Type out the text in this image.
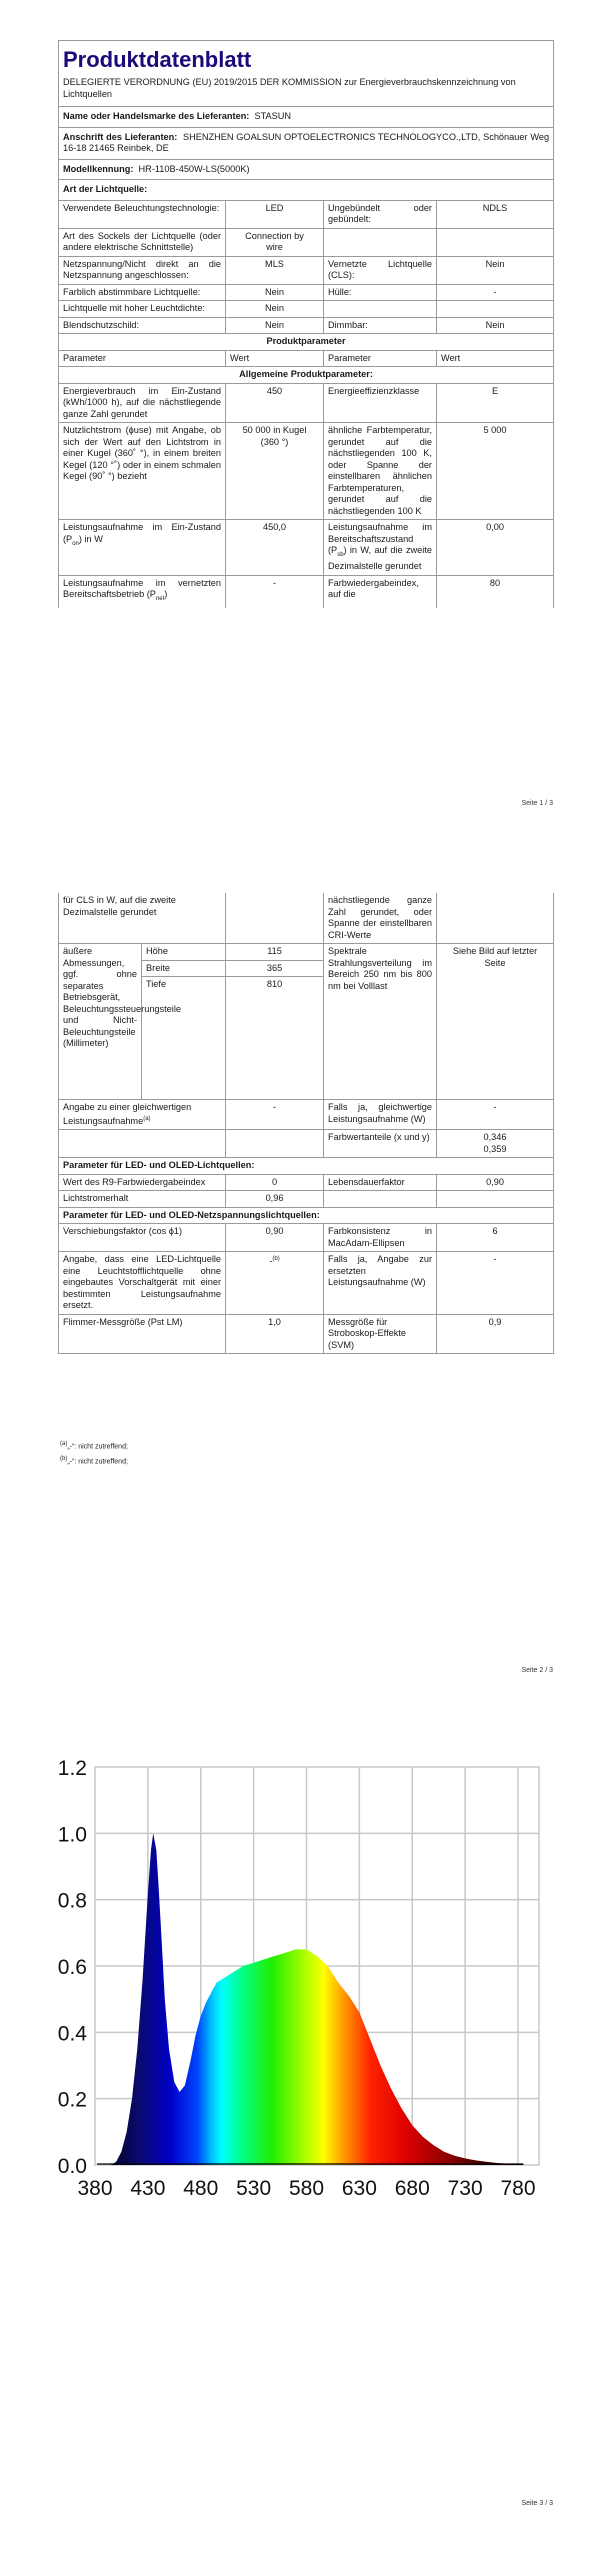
Produktdatenblatt			

DELEGIERTE VERORDNUNG (EU) 2019/2015 DER KOMMISSION zur Energieverbrauchskennzeichnung von Lichtquellen			
Name oder Handelsmarke des Lieferanten: STASUN			
Anschrift des Lieferanten: SHENZHEN GOALSUN OPTOELECTRONICS TECHNOLOGYCO.,LTD, Schönauer Weg 16-18 21465 Reinbek, DE			
Modellkennung: HR-110B-450W-LS(5000K)			
Art der Lichtquelle:			
Verwendete Beleuchtungstechnologie:	LED	Ungebündelt oder gebündelt:	NDLS
Art des Sockels der Lichtquelle (oder andere elektrische Schnittstelle)	Connection by wire		
Netzspannung/Nicht direkt an die Netzspannung angeschlossen:	MLS	Vernetzte Lichtquelle (CLS):	Nein
Farblich abstimmbare Lichtquelle:	Nein	Hülle:	-
Lichtquelle mit hoher Leuchtdichte:	Nein		
Blendschutzschild:	Nein	Dimmbar:	Nein
Produktparameter			
Parameter	Wert	Parameter	Wert
Allgemeine Produktparameter:			
Energieverbrauch im Ein-Zustand (kWh/1000 h), auf die nächstliegende ganze Zahl gerundet	450	Energieeffizienzklasse	E
Nutzlichtstrom (ϕuse) mit Angabe, ob sich der Wert auf den Lichtstrom in einer Kugel (360˚ °), in einem breiten Kegel (120 °˚) oder in einem schmalen Kegel (90˚ °) bezieht	50 000 in Kugel (360 °)	ähnliche Farbtemperatur, gerundet auf die nächstliegenden 100 K, oder Spanne der einstellbaren ähnlichen Farbtemperaturen, gerundet auf die nächstliegenden 100 K	5 000
Leistungsaufnahme im Ein-Zustand $(P_{on})$ in W	450,0	Leistungsaufnahme im Bereitschaftszustand $(P_{sb})$ in W, auf die zweite Dezimalstelle gerundet	0,00
Leistungsaufnahme im vernetzten Bereitschaftsbetrieb $(P_{net})$	-	Farbwiedergabeindex, auf die	80
Seite 1 / 3
für CLS in W, auf die zweite Dezimalstelle gerundet			nächstliegende ganze Zahl gerundet, oder Spanne der einstellbaren CRI-Werte	
äußere Abmessungen, ggf. ohne separates Betriebsgerät, Beleuchtungssteuerungsteile und Nicht-Beleuchtungsteile (Millimeter)	Höhe	115	Spektrale Strahlungsverteilung im Bereich 250 nm bis 800 nm bei Volllast	Siehe Bild auf letzter Seite
	Breite	365		
	Tiefe	810		
Angabe zu einer gleichwertigen Leistungsaufnahme$^{(a)}$		-	Falls ja, gleichwertige Leistungsaufnahme (W)	-
			Farbwertanteile (x und y)	0,346
0,359

Parameter für LED- und OLED-Lichtquellen:				
Wert des R9-Farbwiedergabeindex		0	Lebensdauerfaktor	0,90
Lichtstromerhalt		0,96		
Parameter für LED- und OLED-Netzspannungslichtquellen:				
Verschiebungsfaktor (cos ϕ1)		0,90	Farbkonsistenz in MacAdam-Ellipsen	6
Angabe, dass eine LED-Lichtquelle eine Leuchtstofflichtquelle ohne eingebautes Vorschaltgerät mit einer bestimmten Leistungsaufnahme ersetzt.		-$^{(b)}$	Falls ja, Angabe zur ersetzten Leistungsaufnahme (W)	-
Flimmer-Messgröße (Pst LM)		1,0	Messgröße für Stroboskop-Effekte (SVM)	0,9
$^{(a)}$„-“: nicht zutreffend;
$^{(b)}$„-“: nicht zutreffend;
Seite 2 / 3
0.0
0.2
0.4
0.6
0.8
1.0
1.2
380 430 480 530 580 630 680 730 780
Seite 3 / 3
